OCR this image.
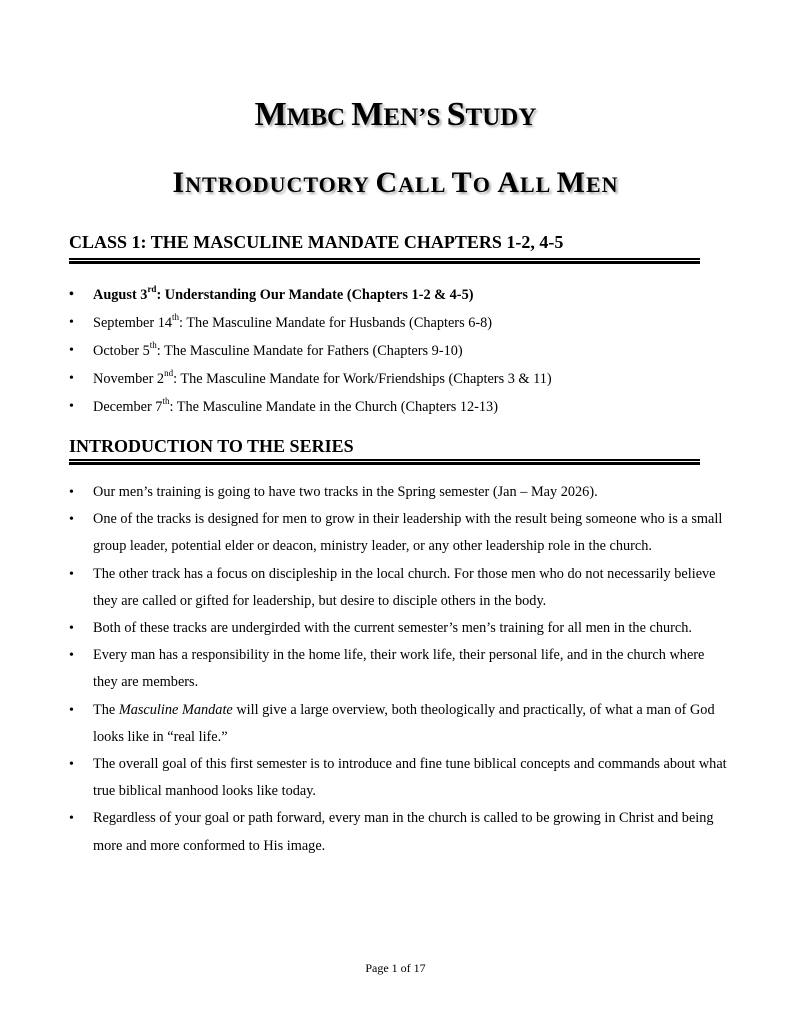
MMBC MEN’S STUDY
INTRODUCTORY CALL TO ALL MEN
CLASS 1: THE MASCULINE MANDATE CHAPTERS 1-2, 4-5
• August 3rd: Understanding Our Mandate (Chapters 1-2 & 4-5)
• September 14th: The Masculine Mandate for Husbands (Chapters 6-8)
• October 5th: The Masculine Mandate for Fathers (Chapters 9-10)
• November 2nd: The Masculine Mandate for Work/Friendships (Chapters 3 & 11)
• December 7th: The Masculine Mandate in the Church (Chapters 12-13)
INTRODUCTION TO THE SERIES
• Our men’s training is going to have two tracks in the Spring semester (Jan – May 2026).
• One of the tracks is designed for men to grow in their leadership with the result being someone who is a small group leader, potential elder or deacon, ministry leader, or any other leadership role in the church.
• The other track has a focus on discipleship in the local church. For those men who do not necessarily believe they are called or gifted for leadership, but desire to disciple others in the body.
• Both of these tracks are undergirded with the current semester’s men’s training for all men in the church.
• Every man has a responsibility in the home life, their work life, their personal life, and in the church where they are members.
• The Masculine Mandate will give a large overview, both theologically and practically, of what a man of God looks like in “real life.”
• The overall goal of this first semester is to introduce and fine tune biblical concepts and commands about what true biblical manhood looks like today.
• Regardless of your goal or path forward, every man in the church is called to be growing in Christ and being more and more conformed to His image.
Page 1 of 17
